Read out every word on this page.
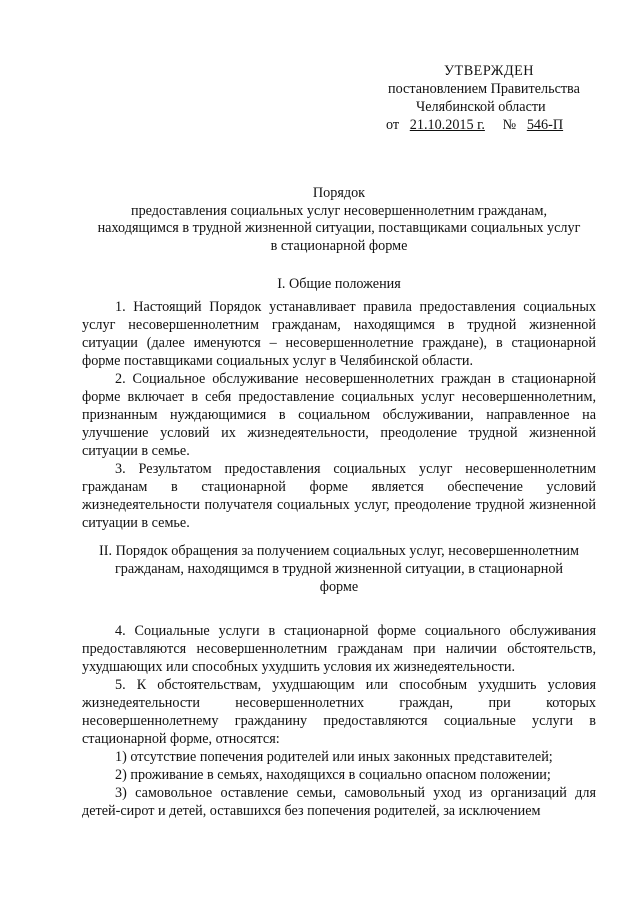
УТВЕРЖДЕН
постановлением Правительства
Челябинской области
от 21.10.2015 г. № 546-П
Порядок
предоставления социальных услуг несовершеннолетним гражданам,
находящимся в трудной жизненной ситуации, поставщиками социальных услуг
в стационарной форме
I. Общие положения

1. Настоящий Порядок устанавливает правила предоставления социальных услуг несовершеннолетним гражданам, находящимся в трудной жизненной ситуации (далее именуются – несовершеннолетние граждане), в стационарной форме поставщиками социальных услуг в Челябинской области.

2. Социальное обслуживание несовершеннолетних граждан в стационарной форме включает в себя предоставление социальных услуг несовершеннолетним, признанным нуждающимися в социальном обслуживании, направленное на улучшение условий их жизнедеятельности, преодоление трудной жизненной ситуации в семье.

3. Результатом предоставления социальных услуг несовершеннолетним гражданам в стационарной форме является обеспечение условий жизнедеятельности получателя социальных услуг, преодоление трудной жизненной ситуации в семье.

II. Порядок обращения за получением социальных услуг, несовершеннолетним
гражданам, находящимся в трудной жизненной ситуации, в стационарной
форме

4. Социальные услуги в стационарной форме социального обслуживания предоставляются несовершеннолетним гражданам при наличии обстоятельств, ухудшающих или способных ухудшить условия их жизнедеятельности.

5. К обстоятельствам, ухудшающим или способным ухудшить условия жизнедеятельности несовершеннолетних граждан, при которых несовершеннолетнему гражданину предоставляются социальные услуги в стационарной форме, относятся:

1) отсутствие попечения родителей или иных законных представителей;

2) проживание в семьях, находящихся в социально опасном положении;

3) самовольное оставление семьи, самовольный уход из организаций для детей-сирот и детей, оставшихся без попечения родителей, за исключением
